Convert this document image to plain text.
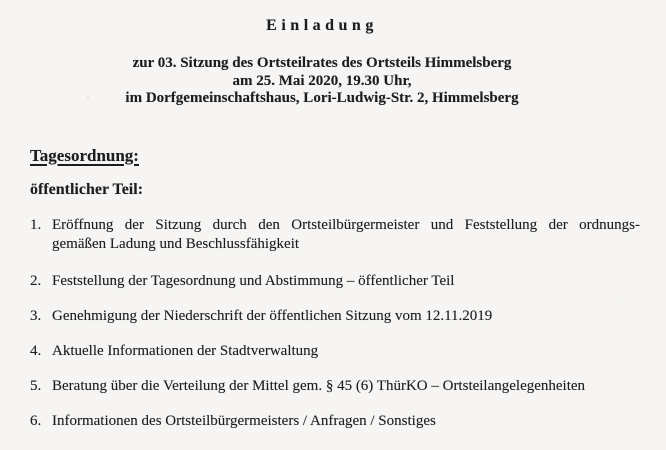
Einladung
zur 03. Sitzung des Ortsteilrates des Ortsteils Himmelsberg
am 25. Mai 2020, 19.30 Uhr,
im Dorfgemeinschaftshaus, Lori-Ludwig-Str. 2, Himmelsberg
Tagesordnung:
öffentlicher Teil:
1. Eröffnung der Sitzung durch den Ortsteilbürgermeister und Feststellung der ordnungs-
gemäßen Ladung und Beschlussfähigkeit
2. Feststellung der Tagesordnung und Abstimmung – öffentlicher Teil
3. Genehmigung der Niederschrift der öffentlichen Sitzung vom 12.11.2019
4. Aktuelle Informationen der Stadtverwaltung
5. Beratung über die Verteilung der Mittel gem. § 45 (6) ThürKO – Ortsteilangelegenheiten
6. Informationen des Ortsteilbürgermeisters / Anfragen / Sonstiges
